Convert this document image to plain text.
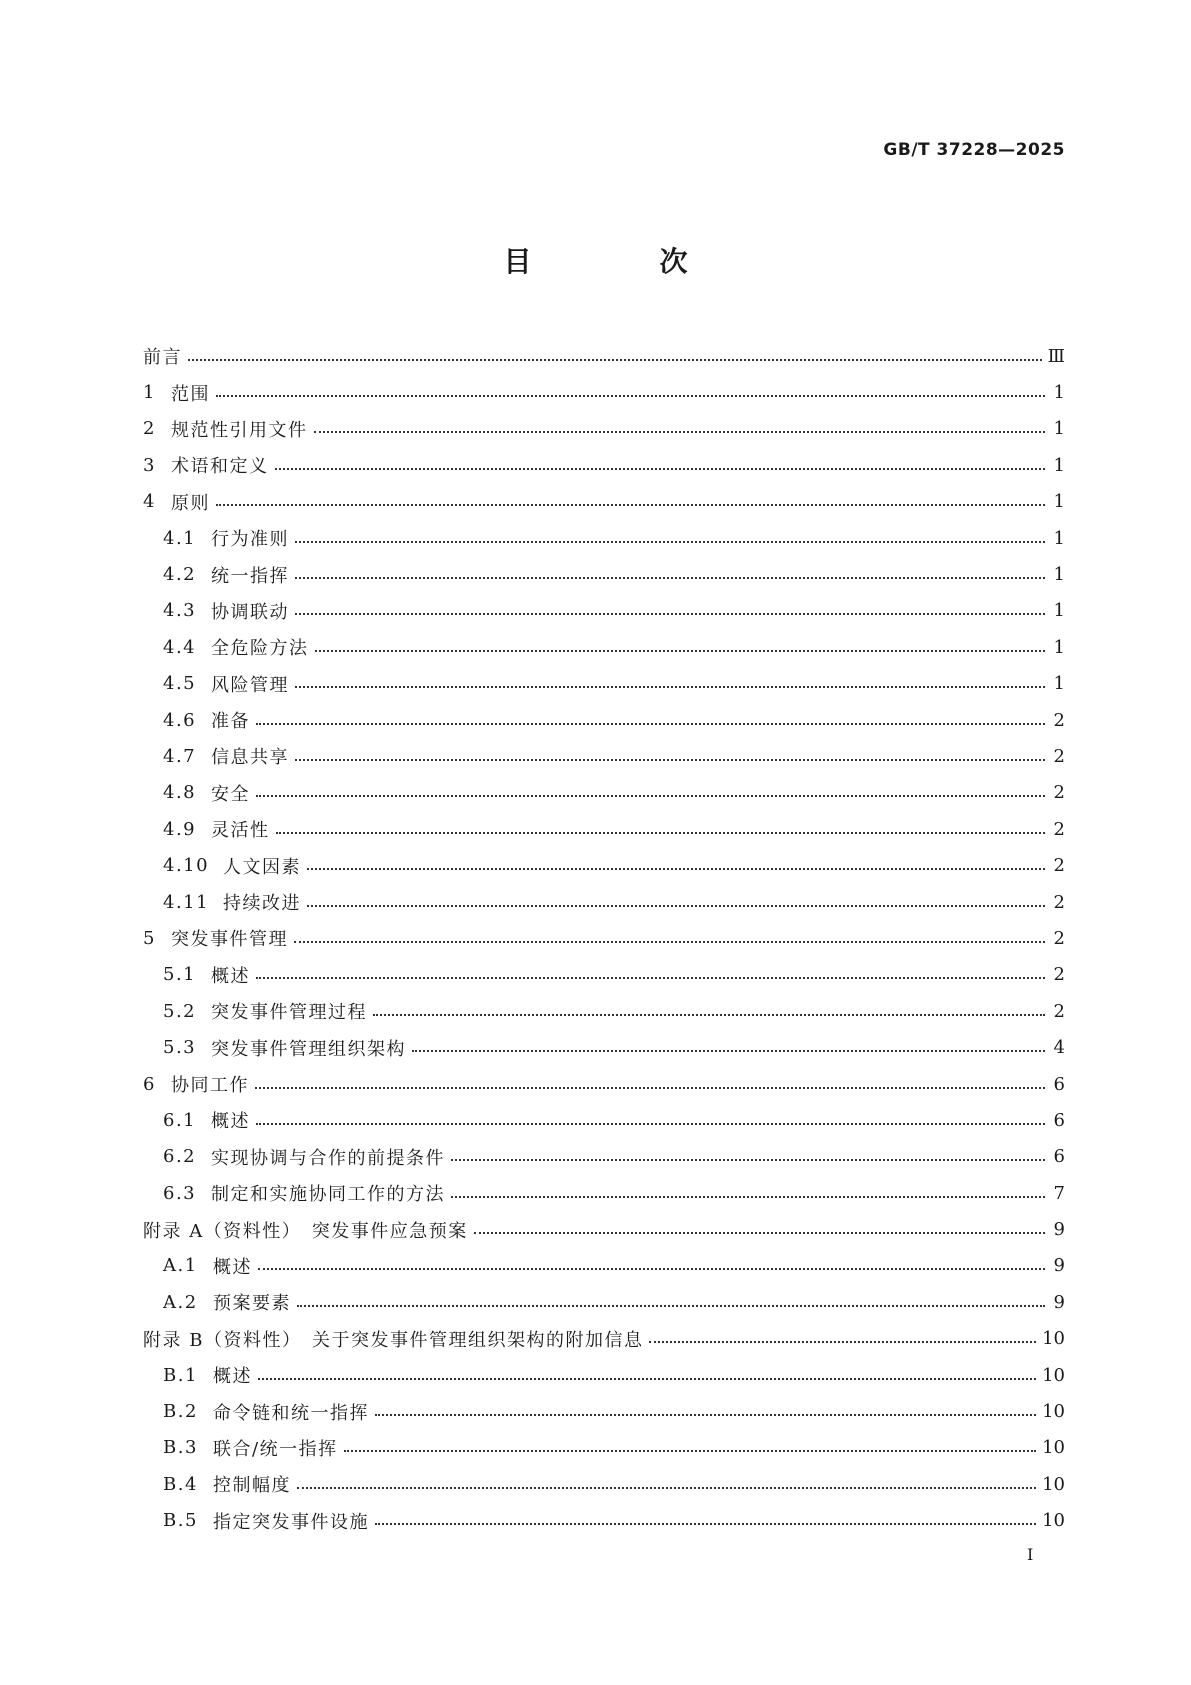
GB/T 37228—2025
目　次
前言	Ⅲ
1 范围	1
2 规范性引用文件	1
3 术语和定义	1
4 原则	1
4.1 行为准则	1
4.2 统一指挥	1
4.3 协调联动	1
4.4 全危险方法	1
4.5 风险管理	1
4.6 准备	2
4.7 信息共享	2
4.8 安全	2
4.9 灵活性	2
4.10 人文因素	2
4.11 持续改进	2
5 突发事件管理	2
5.1 概述	2
5.2 突发事件管理过程	2
5.3 突发事件管理组织架构	4
6 协同工作	6
6.1 概述	6
6.2 实现协调与合作的前提条件	6
6.3 制定和实施协同工作的方法	7
附录 A（资料性）　突发事件应急预案	9
A.1 概述	9
A.2 预案要素	9
附录 B（资料性）　关于突发事件管理组织架构的附加信息	10
B.1 概述	10
B.2 命令链和统一指挥	10
B.3 联合/统一指挥	10
B.4 控制幅度	10
B.5 指定突发事件设施	10
I
